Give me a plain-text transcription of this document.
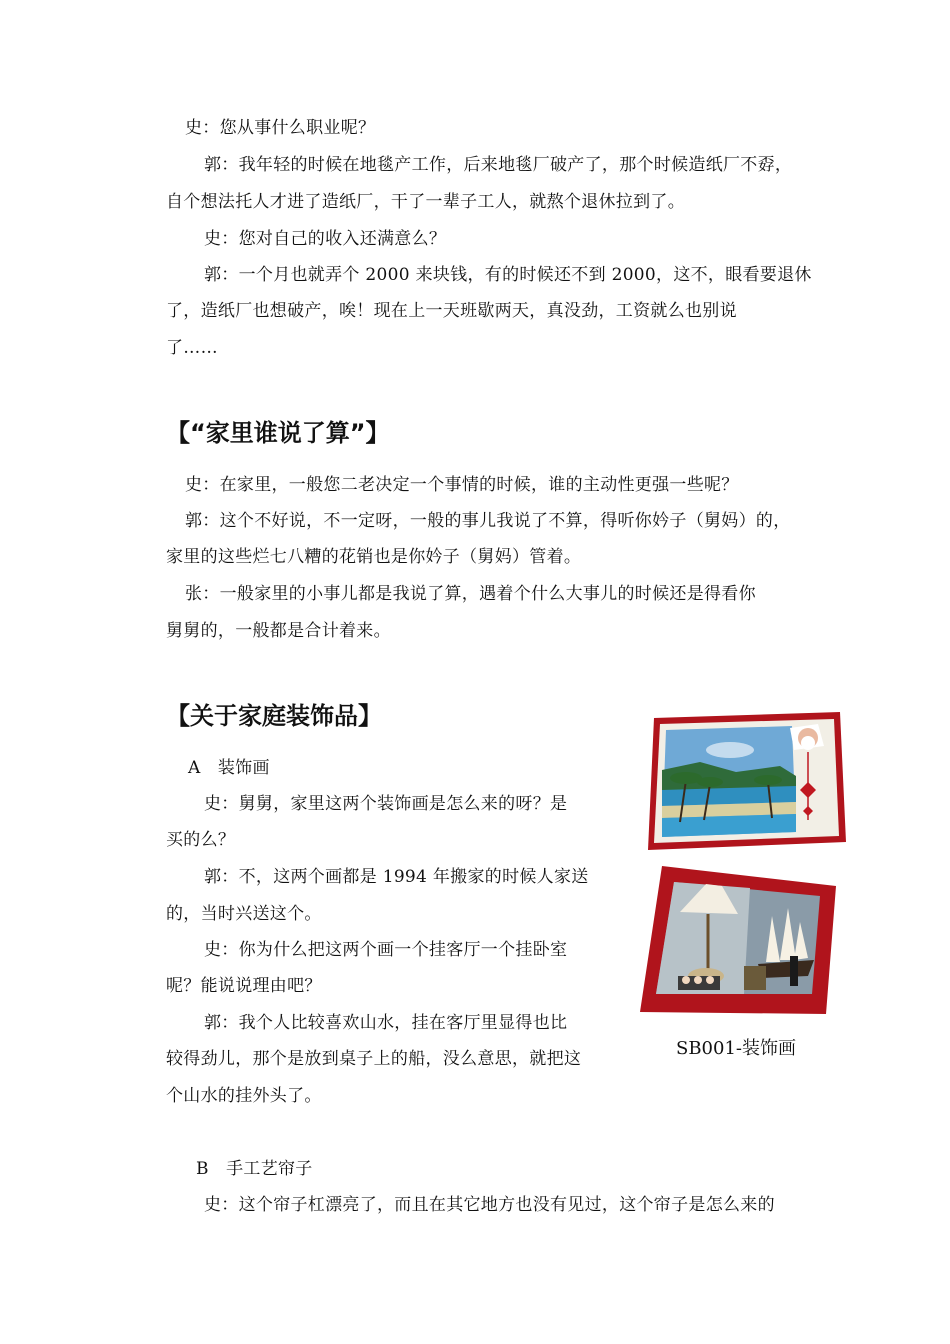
史：您从事什么职业呢？
郭：我年轻的时候在地毯产工作，后来地毯厂破产了，那个时候造纸厂不孬，
自个想法托人才进了造纸厂，干了一辈子工人，就熬个退休拉到了。
史：您对自己的收入还满意么？
郭：一个月也就弄个 2000 来块钱，有的时候还不到 2000，这不，眼看要退休
了，造纸厂也想破产，唉！现在上一天班歇两天，真没劲，工资就么也别说
了……
【“家里谁说了算”】
史：在家里，一般您二老决定一个事情的时候，谁的主动性更强一些呢？
郭：这个不好说，不一定呀，一般的事儿我说了不算，得听你妗子（舅妈）的，
家里的这些烂七八糟的花销也是你妗子（舅妈）管着。
张：一般家里的小事儿都是我说了算，遇着个什么大事儿的时候还是得看你
舅舅的，一般都是合计着来。
【关于家庭装饰品】
A　装饰画
史：舅舅，家里这两个装饰画是怎么来的呀？是
买的么？
郭：不，这两个画都是 1994 年搬家的时候人家送
的，当时兴送这个。
史：你为什么把这两个画一个挂客厅一个挂卧室
呢？能说说理由吧？
郭：我个人比较喜欢山水，挂在客厅里显得也比
较得劲儿，那个是放到桌子上的船，没么意思，就把这
个山水的挂外头了。
SB001-装饰画
B　手工艺帘子
史：这个帘子杠漂亮了，而且在其它地方也没有见过，这个帘子是怎么来的
